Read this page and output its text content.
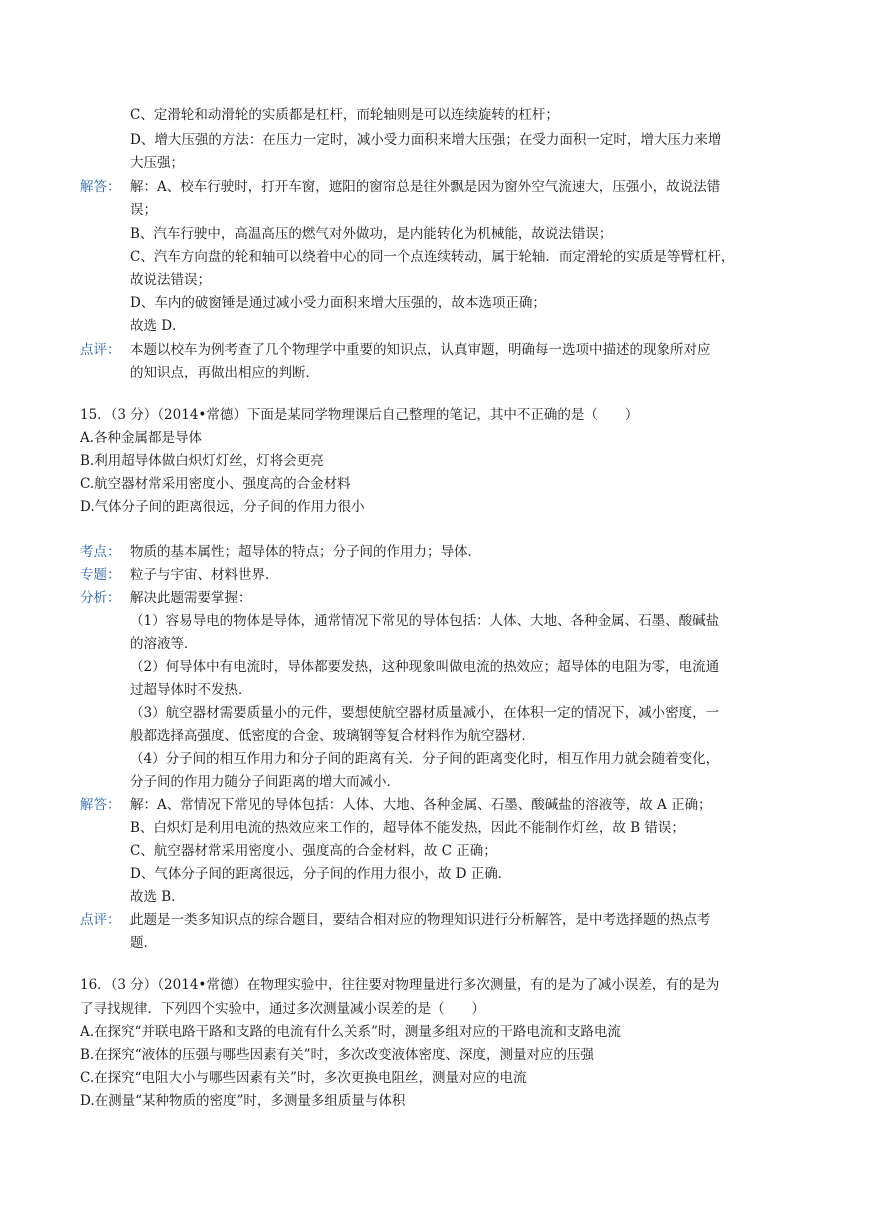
C、定滑轮和动滑轮的实质都是杠杆，而轮轴则是可以连续旋转的杠杆；
D、增大压强的方法：在压力一定时，减小受力面积来增大压强；在受力面积一定时，增大压力来增
大压强；
解答： 解：A、校车行驶时，打开车窗，遮阳的窗帘总是往外飘是因为窗外空气流速大，压强小，故说法错
误；
B、汽车行驶中，高温高压的燃气对外做功，是内能转化为机械能，故说法错误；
C、汽车方向盘的轮和轴可以绕着中心的同一个点连续转动，属于轮轴．而定滑轮的实质是等臂杠杆，
故说法错误；
D、车内的破窗锤是通过减小受力面积来增大压强的，故本选项正确；
故选 D．
点评： 本题以校车为例考查了几个物理学中重要的知识点，认真审题，明确每一选项中描述的现象所对应
的知识点，再做出相应的判断．
15．（3 分）（2014•常德）下面是某同学物理课后自己整理的笔记，其中不正确的是（　　）
A.各种金属都是导体
B.利用超导体做白炽灯灯丝，灯将会更亮
C.航空器材常采用密度小、强度高的合金材料
D.气体分子间的距离很远，分子间的作用力很小
考点： 物质的基本属性；超导体的特点；分子间的作用力；导体．
专题： 粒子与宇宙、材料世界．
分析： 解决此题需要掌握：
（1）容易导电的物体是导体，通常情况下常见的导体包括：人体、大地、各种金属、石墨、酸碱盐
的溶液等．
（2）何导体中有电流时，导体都要发热，这种现象叫做电流的热效应；超导体的电阻为零，电流通
过超导体时不发热．
（3）航空器材需要质量小的元件，要想使航空器材质量减小，在体积一定的情况下，减小密度，一
般都选择高强度、低密度的合金、玻璃钢等复合材料作为航空器材．
（4）分子间的相互作用力和分子间的距离有关．分子间的距离变化时，相互作用力就会随着变化，
分子间的作用力随分子间距离的增大而减小．
解答： 解：A、常情况下常见的导体包括：人体、大地、各种金属、石墨、酸碱盐的溶液等，故 A 正确；
B、白炽灯是利用电流的热效应来工作的，超导体不能发热，因此不能制作灯丝，故 B 错误；
C、航空器材常采用密度小、强度高的合金材料，故 C 正确；
D、气体分子间的距离很远，分子间的作用力很小，故 D 正确．
故选 B．
点评： 此题是一类多知识点的综合题目，要结合相对应的物理知识进行分析解答，是中考选择题的热点考
题．
16．（3 分）（2014•常德）在物理实验中，往往要对物理量进行多次测量，有的是为了减小误差，有的是为
了寻找规律．下列四个实验中，通过多次测量减小误差的是（　　）
A.在探究“并联电路干路和支路的电流有什么关系”时，测量多组对应的干路电流和支路电流
B.在探究“液体的压强与哪些因素有关”时，多次改变液体密度、深度，测量对应的压强
C.在探究“电阻大小与哪些因素有关”时，多次更换电阻丝，测量对应的电流
D.在测量“某种物质的密度”时，多测量多组质量与体积
